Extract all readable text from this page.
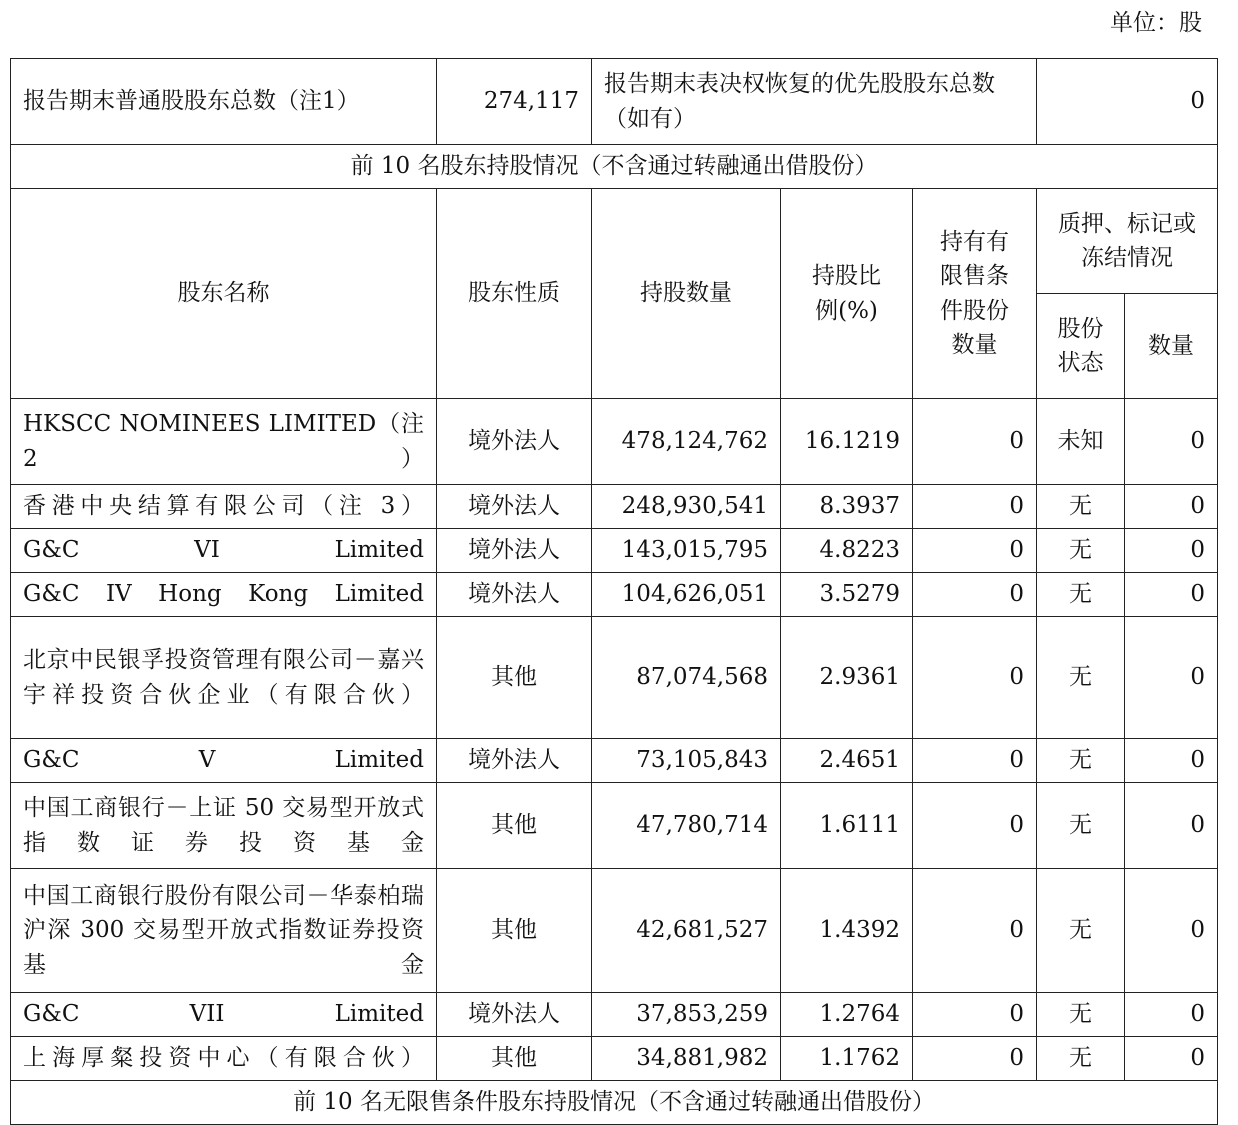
单位：股
报告期末普通股股东总数（注1）	274,117	报告期末表决权恢复的优先股股东总数（如有）			0	
前 10 名股东持股情况（不含通过转融通出借股份）						
股东名称	股东性质	持股数量	持股比例(%)	持有有限售条件股份数量	质押、标记或冻结情况	
					股份状态	数量
HKSCC NOMINEES LIMITED（注 2）	境外法人	478,124,762	16.1219	0	未知	0
香港中央结算有限公司（注 3）	境外法人	248,930,541	8.3937	0	无	0
G&C VI Limited	境外法人	143,015,795	4.8223	0	无	0
G&C IV Hong Kong Limited	境外法人	104,626,051	3.5279	0	无	0
北京中民银孚投资管理有限公司－嘉兴宇祥投资合伙企业（有限合伙）	其他	87,074,568	2.9361	0	无	0
G&C V Limited	境外法人	73,105,843	2.4651	0	无	0
中国工商银行－上证 50 交易型开放式指数证券投资基金	其他	47,780,714	1.6111	0	无	0
中国工商银行股份有限公司－华泰柏瑞沪深 300 交易型开放式指数证券投资基金	其他	42,681,527	1.4392	0	无	0
G&C VII Limited	境外法人	37,853,259	1.2764	0	无	0
上海厚粲投资中心（有限合伙）	其他	34,881,982	1.1762	0	无	0
前 10 名无限售条件股东持股情况（不含通过转融通出借股份）						
